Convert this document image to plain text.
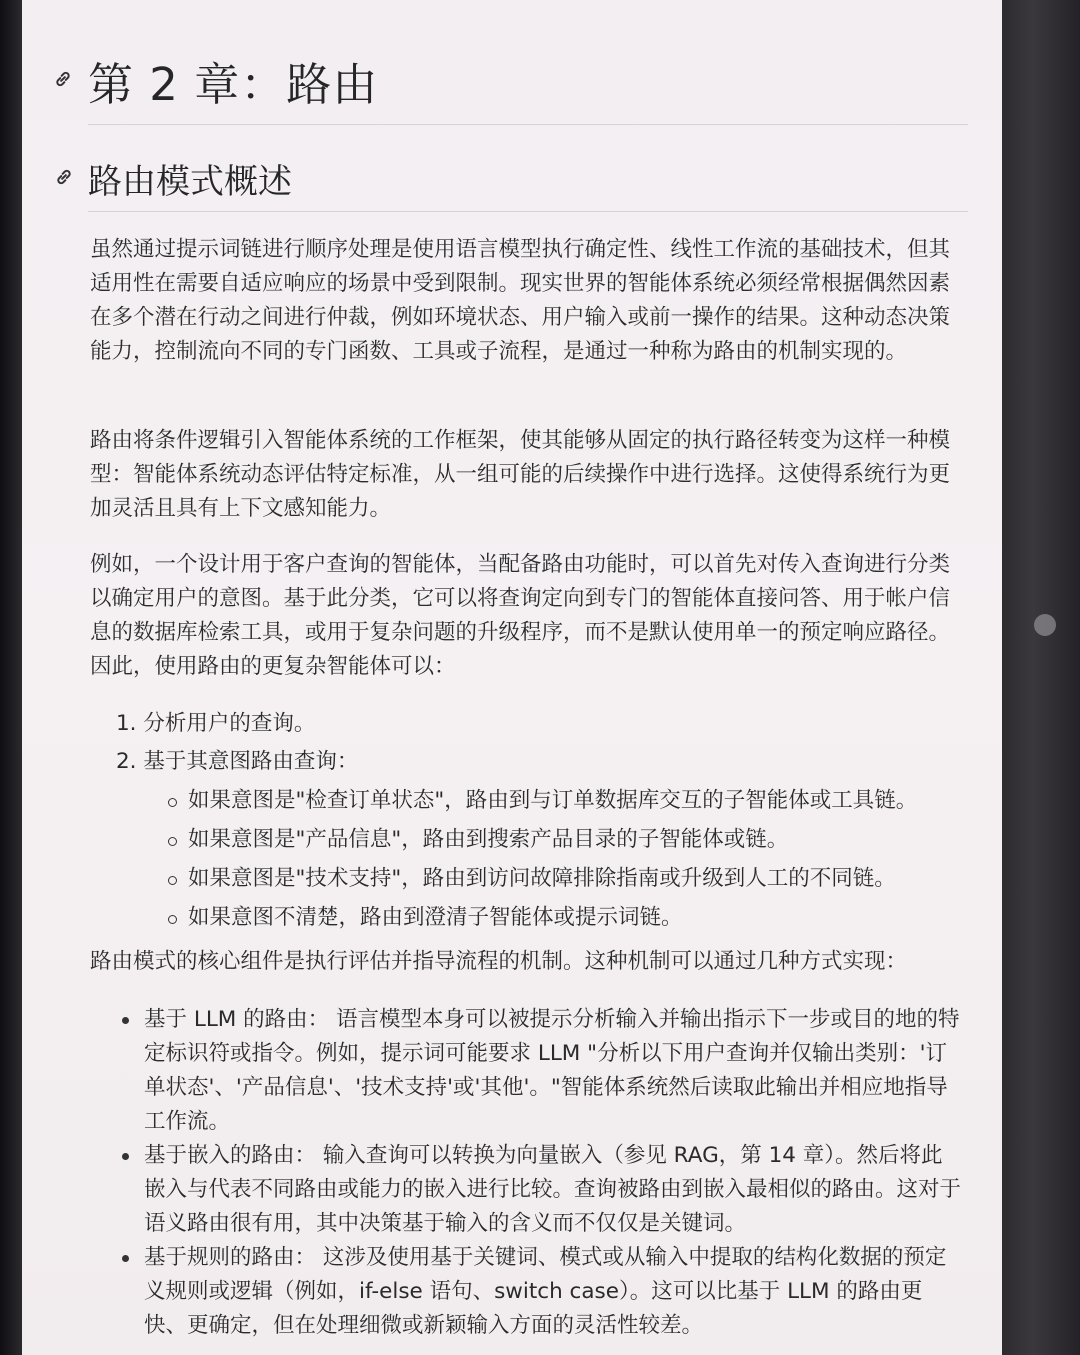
第 2 章：路由
路由模式概述
虽然通过提示词链进行顺序处理是使用语言模型执行确定性、线性工作流的基础技术，但其适用性在需要自适应响应的场景中受到限制。现实世界的智能体系统必须经常根据偶然因素在多个潜在行动之间进行仲裁，例如环境状态、用户输入或前一操作的结果。这种动态决策能力，控制流向不同的专门函数、工具或子流程，是通过一种称为路由的机制实现的。
路由将条件逻辑引入智能体系统的工作框架，使其能够从固定的执行路径转变为这样一种模型：智能体系统动态评估特定标准，从一组可能的后续操作中进行选择。这使得系统行为更加灵活且具有上下文感知能力。
例如，一个设计用于客户查询的智能体，当配备路由功能时，可以首先对传入查询进行分类以确定用户的意图。基于此分类，它可以将查询定向到专门的智能体直接问答、用于帐户信息的数据库检索工具，或用于复杂问题的升级程序，而不是默认使用单一的预定响应路径。因此，使用路由的更复杂智能体可以：
1. 分析用户的查询。
2. 基于其意图路由查询：
如果意图是"检查订单状态"，路由到与订单数据库交互的子智能体或工具链。
如果意图是"产品信息"，路由到搜索产品目录的子智能体或链。
如果意图是"技术支持"，路由到访问故障排除指南或升级到人工的不同链。
如果意图不清楚，路由到澄清子智能体或提示词链。
路由模式的核心组件是执行评估并指导流程的机制。这种机制可以通过几种方式实现：
基于 LLM 的路由： 语言模型本身可以被提示分析输入并输出指示下一步或目的地的特定标识符或指令。例如，提示词可能要求 LLM "分析以下用户查询并仅输出类别：'订单状态'、'产品信息'、'技术支持'或'其他'。"智能体系统然后读取此输出并相应地指导工作流。
基于嵌入的路由： 输入查询可以转换为向量嵌入（参见 RAG，第 14 章）。然后将此嵌入与代表不同路由或能力的嵌入进行比较。查询被路由到嵌入最相似的路由。这对于语义路由很有用，其中决策基于输入的含义而不仅仅是关键词。
基于规则的路由： 这涉及使用基于关键词、模式或从输入中提取的结构化数据的预定义规则或逻辑（例如，if-else 语句、switch case）。这可以比基于 LLM 的路由更快、更确定，但在处理细微或新颖输入方面的灵活性较差。
